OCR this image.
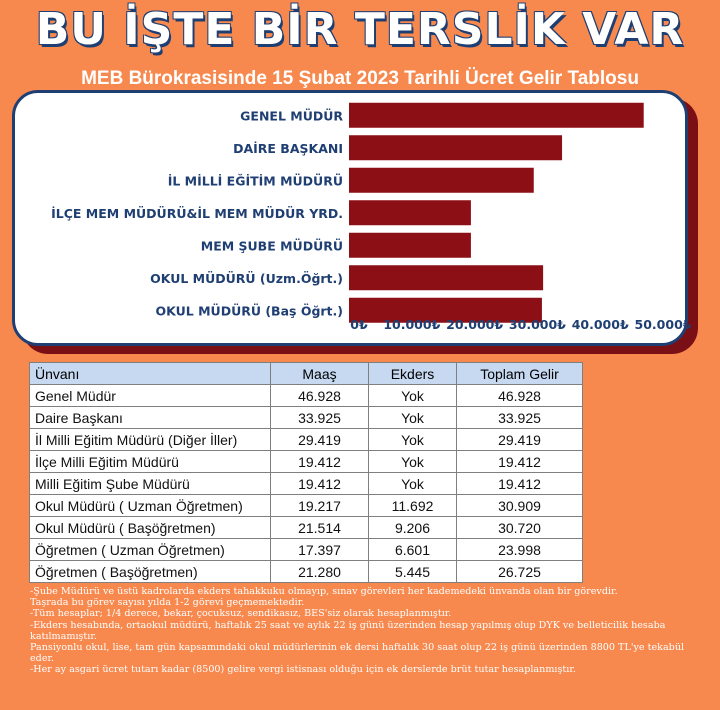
BU İŞTE BİR TERSLİK VAR
MEB Bürokrasisinde 15 Şubat 2023 Tarihli Ücret Gelir Tablosu
GENEL MÜDÜR
DAİRE BAŞKANI
İL MİLLİ EĞİTİM MÜDÜRÜ
İLÇE MEM MÜDÜRÜ&İL MEM MÜDÜR YRD.
MEM ŞUBE MÜDÜRÜ
OKUL MÜDÜRÜ (Uzm.Öğrt.)
OKUL MÜDÜRÜ (Baş Öğrt.)
0₺ 10.000₺ 20.000₺ 30.000₺ 40.000₺ 50.000₺
Ünvanı	Maaş	Ekders	Toplam Gelir
Genel Müdür	46.928	Yok	46.928
Daire Başkanı	33.925	Yok	33.925
İl Milli Eğitim Müdürü (Diğer İller)	29.419	Yok	29.419
İlçe Milli Eğitim Müdürü	19.412	Yok	19.412
Milli Eğitim Şube Müdürü	19.412	Yok	19.412
Okul Müdürü ( Uzman Öğretmen)	19.217	11.692	30.909
Okul Müdürü ( Başöğretmen)	21.514	9.206	30.720
Öğretmen ( Uzman Öğretmen)	17.397	6.601	23.998
Öğretmen ( Başöğretmen)	21.280	5.445	26.725

-Şube Müdürü ve üstü kadrolarda ekders tahakkuku olmayıp, sınav görevleri her kademedeki ünvanda olan bir görevdir.

Taşrada bu görev sayısı yılda 1-2 görevi geçmemektedir.

-Tüm hesaplar; 1/4 derece, bekar, çocuksuz, sendikasız, BES'siz olarak hesaplanmıştır.

-Ekders hesabında, ortaokul müdürü, haftalık 25 saat ve aylık 22 iş günü üzerinden hesap yapılmış olup DYK ve belleticilik hesaba katılmamıştır.

Pansiyonlu okul, lise, tam gün kapsamındaki okul müdürlerinin ek dersi haftalık 30 saat olup 22 iş günü üzerinden 8800 TL'ye tekabül eder.

-Her ay asgari ücret tutarı kadar (8500) gelire vergi istisnası olduğu için ek derslerde brüt tutar hesaplanmıştır.
